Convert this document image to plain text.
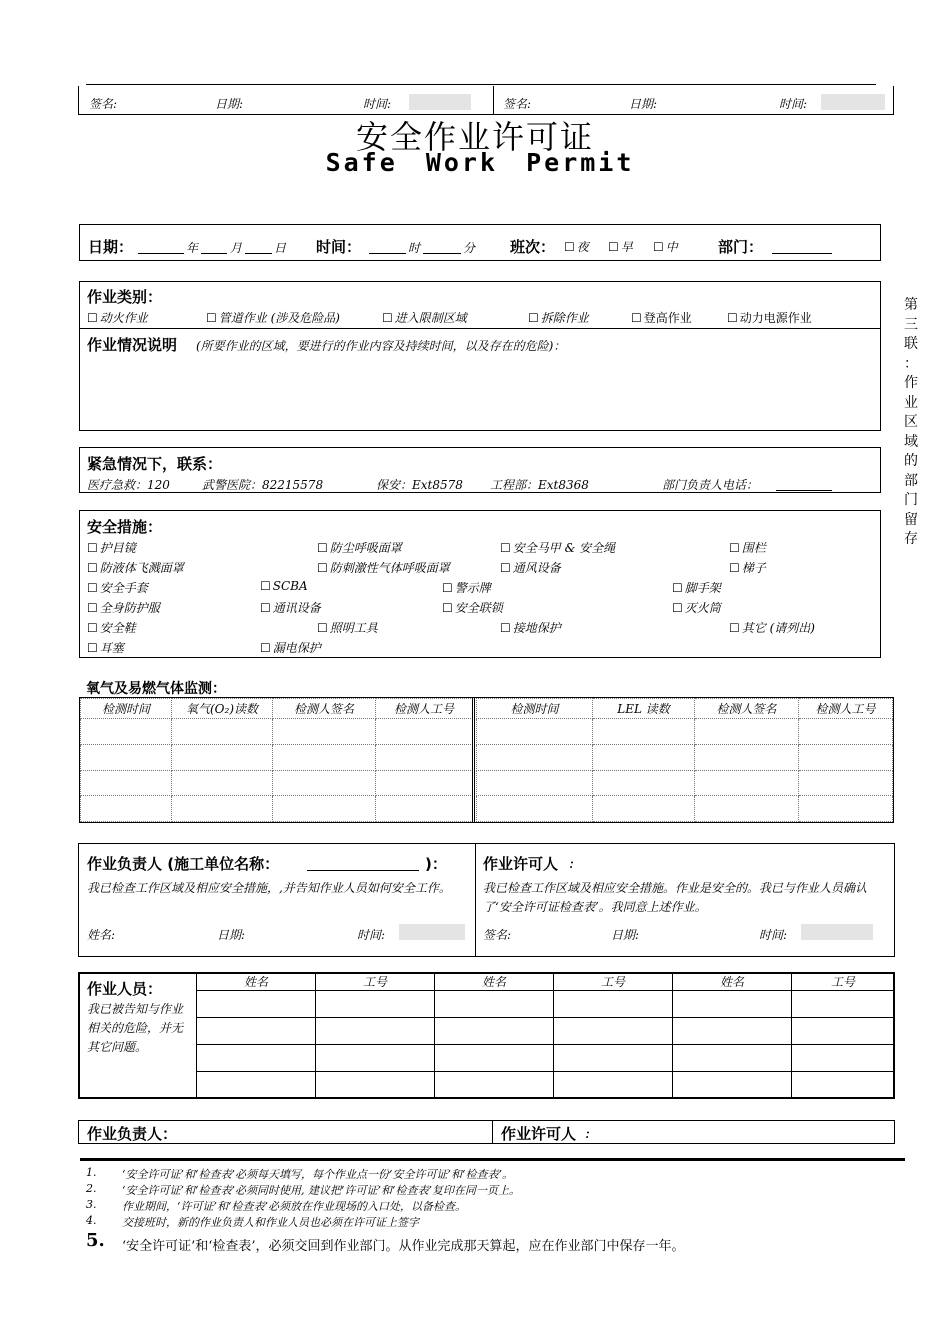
签名:	日期:	时间:	签名:	日期:	时间:
安全作业许可证
Safe Work Permit
第
三
联
：
作
业
区
域
的
部
门
留
存
日期：	年	月	日 时间：	时	分 班次：	☐ 夜	☐ 早	☐ 中	部门：
作业类别：
☐ 动火作业	☐ 管道作业 (涉及危险品)	☐ 进入限制区域	☐ 拆除作业	☐ 登高作业	☐ 动力电源作业
作业情况说明 (所要作业的区域，要进行的作业内容及持续时间，以及存在的危险)：
紧急情况下，联系：
医疗急救：120	武警医院：82215578	保安：Ext8578 工程部：Ext8368	部门负责人电话：
安全措施：
☐ 护目镜	☐ 防尘呼吸面罩	☐ 安全马甲 & 安全绳	☐ 围栏
☐ 防液体飞溅面罩	☐ 防刺激性气体呼吸面罩	☐ 通风设备	☐ 梯子
☐ 安全手套	☐ SCBA	☐ 警示牌	☐ 脚手架
☐ 全身防护服	☐ 通讯设备	☐ 安全联锁	☐ 灭火筒
☐ 安全鞋	☐ 照明工具	☐ 接地保护	☐ 其它 (请列出)
☐ 耳塞	☐ 漏电保护
氧气及易燃气体监测：
检测时间	氧气(O₂)读数	检测人签名	检测人工号

				检测时间	LEL 读数	检测人签名	检测人工号

作业负责人 (施工单位名称：	)：
我已检查工作区域及相应安全措施，,并告知作业人员如何安全工作。
姓名:	日期:	时间:
作业许可人 :
我已检查工作区域及相应安全措施。作业是安全的。我已与作业人员确认了‘安全许可证检查表’。我同意上述作业。
签名:	日期:	时间:
作业人员：
我已被告知与作业相关的危险，并无其它问题。
姓名	工号	姓名	工号	姓名	工号

作业负责人：	作业许可人 :
1. ‘安全许可证’和‘检查表’必须每天填写，每个作业点一份‘安全许可证’和‘检查表’。
2. ‘安全许可证’和‘检查表’必须同时使用, 建议把‘许可证’和‘检查表’复印在同一页上。
3. 作业期间，‘许可证’和‘检查表’必须放在作业现场的入口处，以备检查。
4. 交接班时，新的作业负责人和作业人员也必须在许可证上签字
5. ‘安全许可证’和‘检查表’，必须交回到作业部门。从作业完成那天算起，应在作业部门中保存一年。
